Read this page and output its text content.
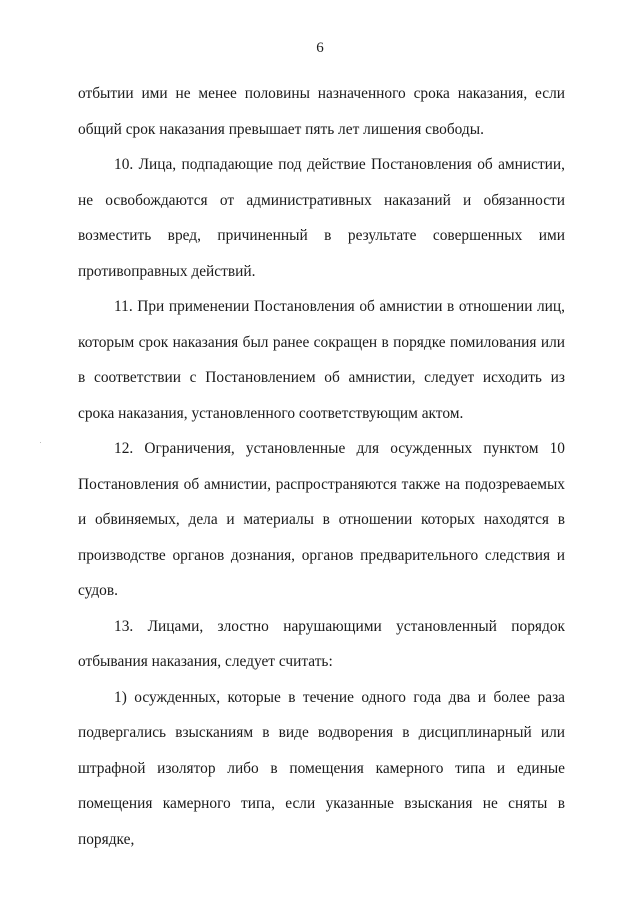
6

отбытии ими не менее половины назначенного срока наказания, если общий срок наказания превышает пять лет лишения свободы.

10. Лица, подпадающие под действие Постановления об амнистии, не освобождаются от административных наказаний и обязанности возместить вред, причиненный в результате совершенных ими противоправных действий.

11. При применении Постановления об амнистии в отношении лиц, которым срок наказания был ранее сокращен в порядке помилования или в соответствии с Постановлением об амнистии, следует исходить из срока наказания, установленного соответствующим актом.

12. Ограничения, установленные для осужденных пунктом 10 Постановления об амнистии, распространяются также на подозреваемых и обвиняемых, дела и материалы в отношении которых находятся в производстве органов дознания, органов предварительного следствия и судов.

13. Лицами, злостно нарушающими установленный порядок отбывания наказания, следует считать:

1) осужденных, которые в течение одного года два и более раза подвергались взысканиям в виде водворения в дисциплинарный или штрафной изолятор либо в помещения камерного типа и единые помещения камерного типа, если указанные взыскания не сняты в порядке,
